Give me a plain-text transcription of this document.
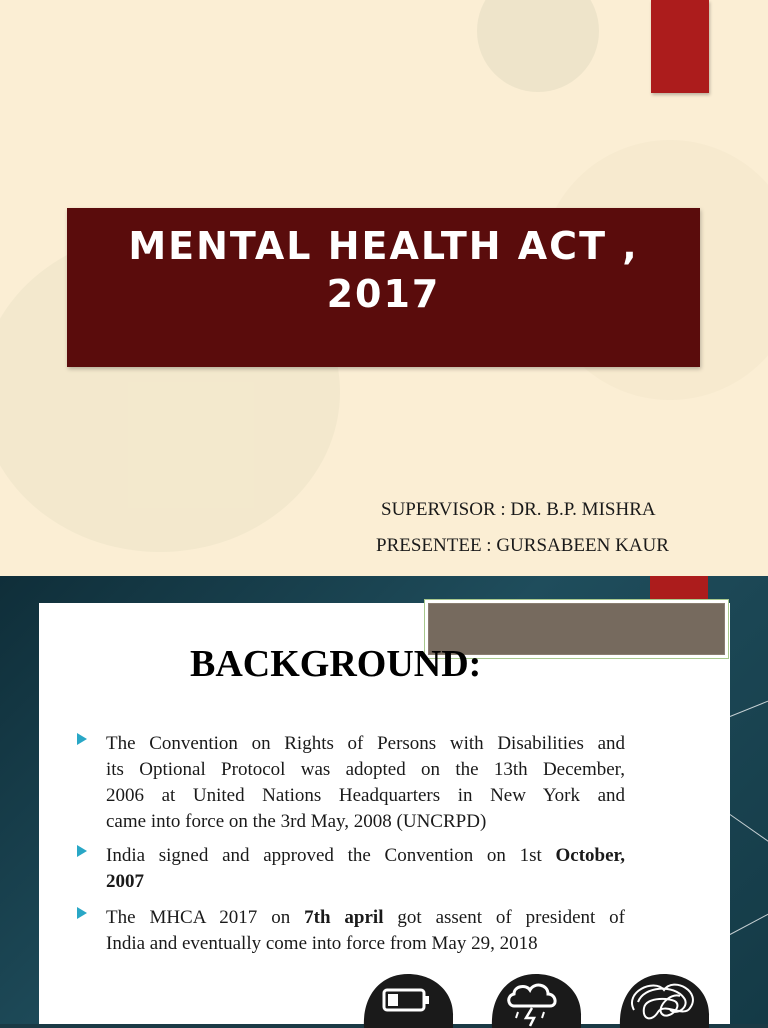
MENTAL HEALTH ACT ,
2017
SUPERVISOR : DR. B.P. MISHRA
PRESENTEE : GURSABEEN KAUR
BACKGROUND:
The Convention on Rights of Persons with Disabilities and
its Optional Protocol was adopted on the 13th December,
2006 at United Nations Headquarters in New York and
came into force on the 3rd May, 2008 (UNCRPD)
India signed and approved the Convention on 1st October,
2007
The MHCA 2017 on 7th april got assent of president of
India and eventually come into force from May 29, 2018
